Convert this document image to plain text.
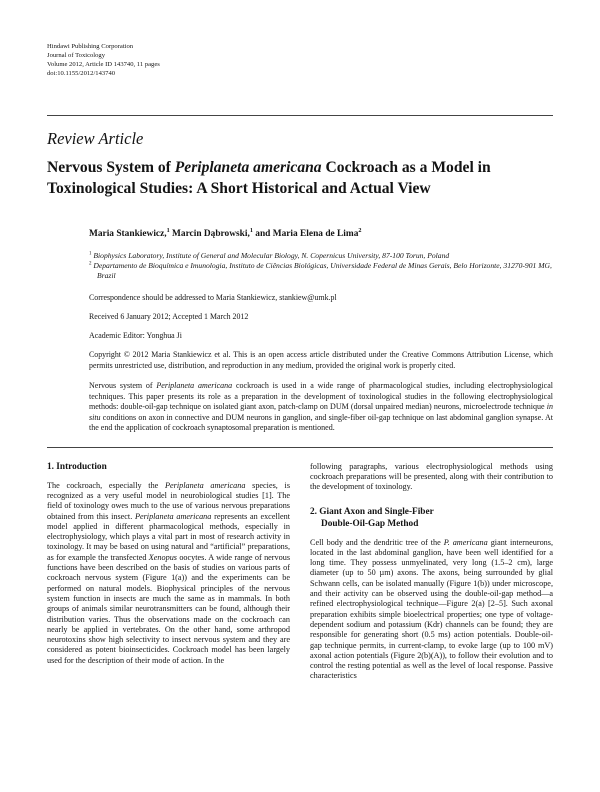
Hindawi Publishing Corporation
Journal of Toxicology
Volume 2012, Article ID 143740, 11 pages
doi:10.1155/2012/143740
Review Article
Nervous System of Periplaneta americana Cockroach as a Model in Toxinological Studies: A Short Historical and Actual View
Maria Stankiewicz,$^1$ Marcin Dąbrowski,$^1$ and Maria Elena de Lima$^2$
$^1$ Biophysics Laboratory, Institute of General and Molecular Biology, N. Copernicus University, 87-100 Torun, Poland
$^2$ Departamento de Bioquímica e Imunologia, Instituto de Ciências Biológicas, Universidade Federal de Minas Gerais, Belo Horizonte, 31270-901 MG, Brazil

Correspondence should be addressed to Maria Stankiewicz, stankiew@umk.pl

Received 6 January 2012; Accepted 1 March 2012

Academic Editor: Yonghua Ji

Copyright © 2012 Maria Stankiewicz et al. This is an open access article distributed under the Creative Commons Attribution License, which permits unrestricted use, distribution, and reproduction in any medium, provided the original work is properly cited.

Nervous system of Periplaneta americana cockroach is used in a wide range of pharmacological studies, including electrophysiological techniques. This paper presents its role as a preparation in the development of toxinological studies in the following electrophysiological methods: double-oil-gap technique on isolated giant axon, patch-clamp on DUM (dorsal unpaired median) neurons, microelectrode technique in situ conditions on axon in connective and DUM neurons in ganglion, and single-fiber oil-gap technique on last abdominal ganglion synapse. At the end the application of cockroach synaptosomal preparation is mentioned.

1. Introduction

The cockroach, especially the Periplaneta americana species, is recognized as a very useful model in neurobiological studies [1]. The field of toxinology owes much to the use of various nervous preparations obtained from this insect. Periplaneta americana represents an excellent model applied in different pharmacological methods, especially in electrophysiology, which plays a vital part in most of research activity in toxinology. It may be based on using natural and “artificial” preparations, as for example the transfected Xenopus oocytes. A wide range of nervous functions have been described on the basis of studies on various parts of cockroach nervous system (Figure 1(a)) and the experiments can be performed on natural models. Biophysical principles of the nervous system function in insects are much the same as in mammals. In both groups of animals similar neurotransmitters can be found, although their distribution varies. Thus the observations made on the cockroach can nearly be applied in vertebrates. On the other hand, some arthropod neurotoxins show high selectivity to insect nervous system and they are considered as potent bioinsecticides. Cockroach model has been largely used for the description of their mode of action. In the

following paragraphs, various electrophysiological methods using cockroach preparations will be presented, along with their contribution to the development of toxinology.

2. Giant Axon and Single-Fiber
Double-Oil-Gap Method

Cell body and the dendritic tree of the P. americana giant interneurons, located in the last abdominal ganglion, have been well identified for a long time. They possess unmyelinated, very long (1.5–2 cm), large diameter (up to 50 µm) axons. The axons, being surrounded by glial Schwann cells, can be isolated manually (Figure 1(b)) under microscope, and their activity can be observed using the double-oil-gap method—a refined electrophysiological technique—Figure 2(a) [2–5]. Such axonal preparation exhibits simple bioelectrical properties; one type of voltage-dependent sodium and potassium (Kdr) channels can be found; they are responsible for generating short (0.5 ms) action potentials. Double-oil-gap technique permits, in current-clamp, to evoke large (up to 100 mV) axonal action potentials (Figure 2(b)(A)), to follow their evolution and to control the resting potential as well as the level of local response. Passive characteristics
